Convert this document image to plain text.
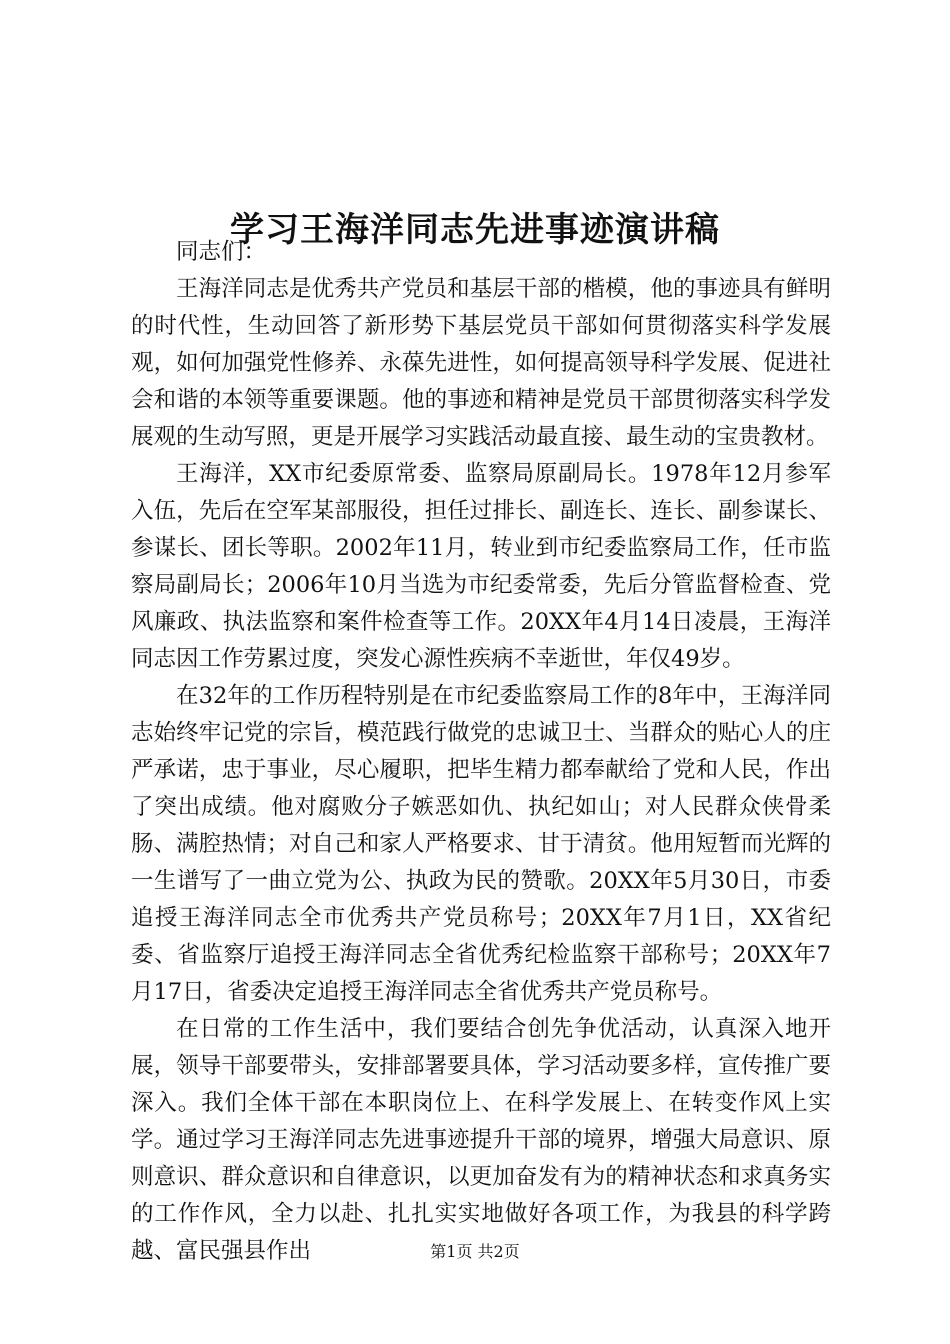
学习王海洋同志先进事迹演讲稿

同志们：

王海洋同志是优秀共产党员和基层干部的楷模，他的事迹具有鲜明的时代性，生动回答了新形势下基层党员干部如何贯彻落实科学发展观，如何加强党性修养、永葆先进性，如何提高领导科学发展、促进社会和谐的本领等重要课题。他的事迹和精神是党员干部贯彻落实科学发展观的生动写照，更是开展学习实践活动最直接、最生动的宝贵教材。

王海洋，XX市纪委原常委、监察局原副局长。1978年12月参军入伍，先后在空军某部服役，担任过排长、副连长、连长、副参谋长、参谋长、团长等职。2002年11月，转业到市纪委监察局工作，任市监察局副局长；2006年10月当选为市纪委常委，先后分管监督检查、党风廉政、执法监察和案件检查等工作。20XX年4月14日凌晨，王海洋同志因工作劳累过度，突发心源性疾病不幸逝世，年仅49岁。

在32年的工作历程特别是在市纪委监察局工作的8年中，王海洋同志始终牢记党的宗旨，模范践行做党的忠诚卫士、当群众的贴心人的庄严承诺，忠于事业，尽心履职，把毕生精力都奉献给了党和人民，作出了突出成绩。他对腐败分子嫉恶如仇、执纪如山；对人民群众侠骨柔肠、满腔热情；对自己和家人严格要求、甘于清贫。他用短暂而光辉的一生谱写了一曲立党为公、执政为民的赞歌。20XX年5月30日，市委追授王海洋同志全市优秀共产党员称号；20XX年7月1日，XX省纪委、省监察厅追授王海洋同志全省优秀纪检监察干部称号；20XX年7月17日，省委决定追授王海洋同志全省优秀共产党员称号。

在日常的工作生活中，我们要结合创先争优活动，认真深入地开展，领导干部要带头，安排部署要具体，学习活动要多样，宣传推广要深入。我们全体干部在本职岗位上、在科学发展上、在转变作风上实学。通过学习王海洋同志先进事迹提升干部的境界，增强大局意识、原则意识、群众意识和自律意识，以更加奋发有为的精神状态和求真务实的工作作风，全力以赴、扎扎实实地做好各项工作，为我县的科学跨越、富民强县作出	第1页 共2页
